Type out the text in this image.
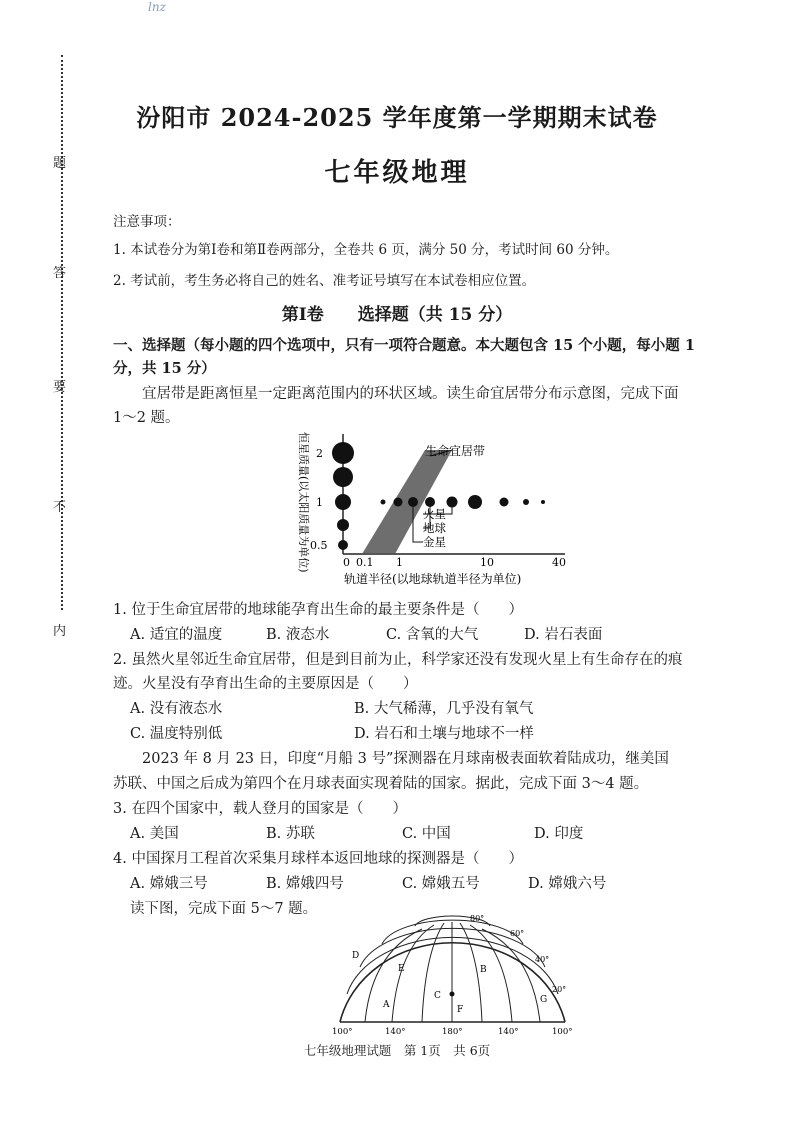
lnz
题
答
要
不
内
汾阳市 2024-2025 学年度第一学期期末试卷
七年级地理
注意事项：
1. 本试卷分为第Ⅰ卷和第Ⅱ卷两部分，全卷共 6 页，满分 50 分，考试时间 60 分钟。
2. 考试前，考生务必将自己的姓名、准考证号填写在本试卷相应位置。
第Ⅰ卷　　选择题（共 15 分）
一、选择题（每小题的四个选项中，只有一项符合题意。本大题包含 15 个小题，每小题 1
分，共 15 分）
宜居带是距离恒星一定距离范围内的环状区域。读生命宜居带分布示意图，完成下面
1～2 题。
生命宜居带
火星
地球
金星
2
1
0.5
0 0.1 1	10	40
轨道半径(以地球轨道半径为单位)
恒星质量(以太阳质量为单位)
1. 位于生命宜居带的地球能孕育出生命的最主要条件是（　　）
A. 适宜的温度	B. 液态水	C. 含氧的大气	D. 岩石表面
2. 虽然火星邻近生命宜居带，但是到目前为止，科学家还没有发现火星上有生命存在的痕
迹。火星没有孕育出生命的主要原因是（　　）
A. 没有液态水	B. 大气稀薄，几乎没有氧气
C. 温度特别低	D. 岩石和土壤与地球不一样
2023 年 8 月 23 日，印度“月船 3 号”探测器在月球南极表面软着陆成功，继美国
苏联、中国之后成为第四个在月球表面实现着陆的国家。据此，完成下面 3～4 题。
3. 在四个国家中，载人登月的国家是（　　）
A. 美国	B. 苏联	C. 中国	D. 印度
4. 中国探月工程首次采集月球样本返回地球的探测器是（　　）
A. 嫦娥三号	B. 嫦娥四号	C. 嫦娥五号	D. 嫦娥六号
读下图，完成下面 5～7 题。
80°
60°
40°
20°
100°	140°	180°	140°	100°
D
E	B
C
A	F
G
七年级地理试题　第 1页　共 6页
